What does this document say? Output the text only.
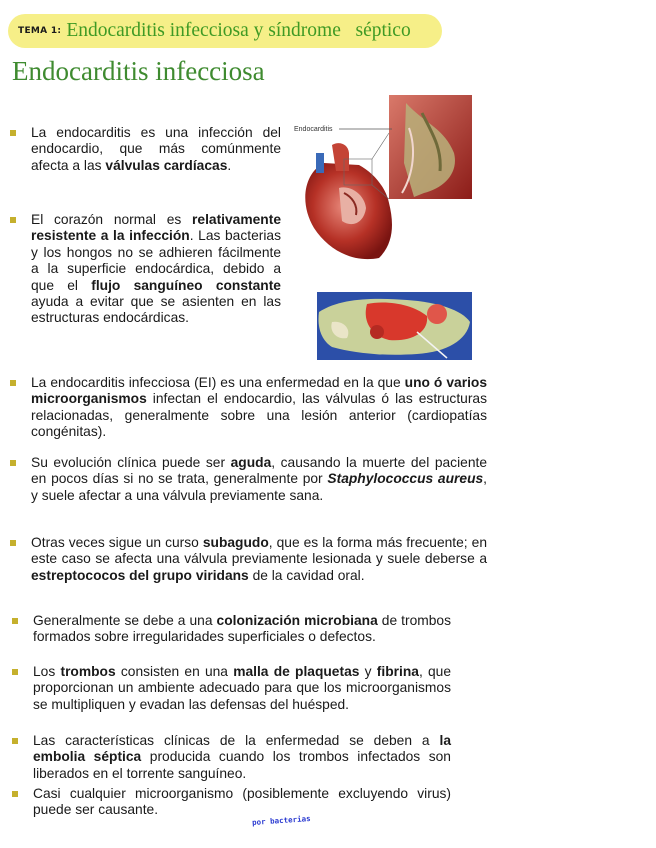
TEMA 1: Endocarditis infecciosa y síndrome   séptico
Endocarditis infecciosa
Endocarditis
La endocarditis es una infección del endocardio, que más comúnmente afecta a las válvulas cardíacas.
El corazón normal es relativamente resistente a la infección. Las bacterias y los hongos no se adhieren fácilmente a la superficie endocárdica, debido a que el flujo sanguíneo constante ayuda a evitar que se asienten en las estructuras endocárdicas.
La endocarditis infecciosa (EI) es una enfermedad en la que uno ó varios microorganismos infectan el endocardio, las válvulas ó las estructuras relacionadas, generalmente sobre una lesión anterior (cardiopatías congénitas).
Su evolución clínica puede ser aguda, causando la muerte del paciente en pocos días si no se trata, generalmente por Staphylococcus aureus, y suele afectar a una válvula previamente sana.
Otras veces sigue un curso subagudo, que es la forma más frecuente; en este caso se afecta una válvula previamente lesionada y suele deberse a estreptococos del grupo viridans de la cavidad oral.
Generalmente se debe a una colonización microbiana de trombos formados sobre irregularidades superficiales o defectos.
Los trombos consisten en una malla de plaquetas y fibrina, que proporcionan un ambiente adecuado para que los microorganismos se multipliquen y evadan las defensas del huésped.
Las características clínicas de la enfermedad se deben a la embolia séptica producida cuando los trombos infectados son liberados en el torrente sanguíneo.
Casi cualquier microorganismo (posiblemente excluyendo virus) puede ser causante.
por bacterias
